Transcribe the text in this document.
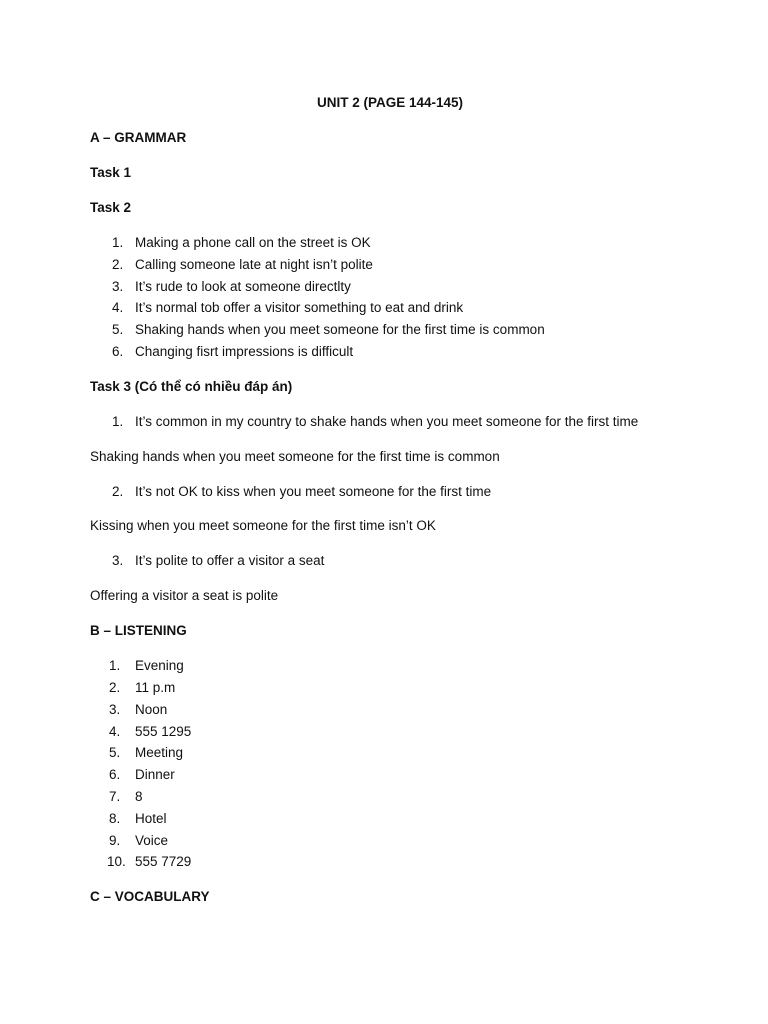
UNIT 2 (PAGE 144-145)
A – GRAMMAR
Task 1
Task 2
1. Making a phone call on the street is OK
2. Calling someone late at night isn’t polite
3. It’s rude to look at someone directlty
4. It’s normal tob offer a visitor something to eat and drink
5. Shaking hands when you meet someone for the first time is common
6. Changing fisrt impressions is difficult
Task 3 (Có thể có nhiều đáp án)
1. It’s common in my country to shake hands when you meet someone for the first time
Shaking hands when you meet someone for the first time is common
2. It’s not OK to kiss when you meet someone for the first time
Kissing when you meet someone for the first time isn’t OK
3. It’s polite to offer a visitor a seat
Offering a visitor a seat is polite
B – LISTENING
1. Evening
2. 11 p.m
3. Noon
4. 555 1295
5. Meeting
6. Dinner
7. 8
8. Hotel
9. Voice
10. 555 7729
C – VOCABULARY
